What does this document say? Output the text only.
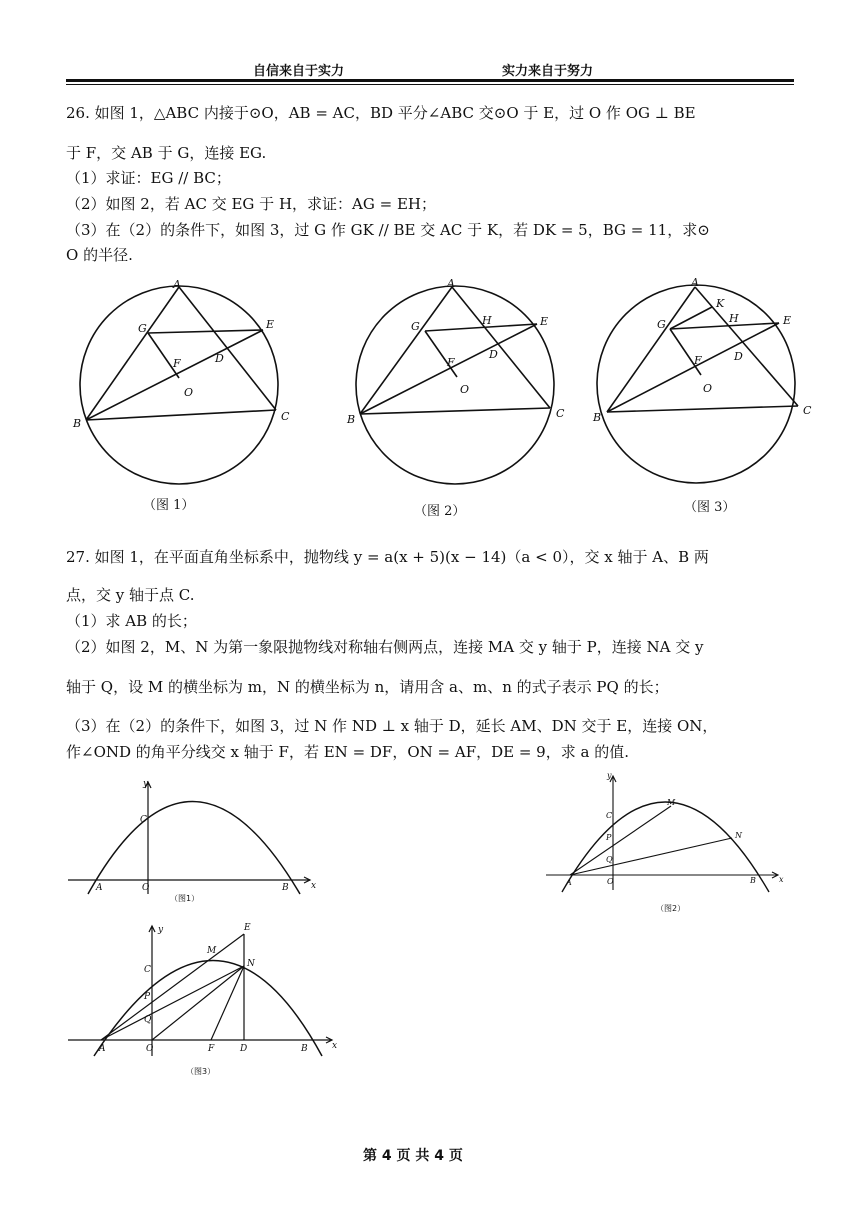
自信来自于实力	实力来自于努力
26. 如图 1，△ABC 内接于⊙O，AB = AC，BD 平分∠ABC 交⊙O 于 E，过 O 作 OG ⊥ BE
于 F，交 AB 于 G，连接 EG.
（1）求证：EG // BC；
（2）如图 2，若 AC 交 EG 于 H，求证：AG = EH；
（3）在（2）的条件下，如图 3，过 G 作 GK // BE 交 AC 于 K，若 DK = 5，BG = 11，求⊙
O 的半径.
A
G	E
F	D
O
B
C
A
G	H	E
F
D
O
B	C
A
K
G	H	E
F	D
O
B
C
（图 1）	（图 2）	（图 3）
27. 如图 1，在平面直角坐标系中，抛物线 y = a(x + 5)(x − 14)（a < 0），交 x 轴于 A、B 两
点，交 y 轴于点 C.
（1）求 AB 的长；
（2）如图 2，M、N 为第一象限抛物线对称轴右侧两点，连接 MA 交 y 轴于 P，连接 NA 交 y
轴于 Q，设 M 的横坐标为 m，N 的横坐标为 n，请用含 a、m、n 的式子表示 PQ 的长；
（3）在（2）的条件下，如图 3，过 N 作 ND ⊥ x 轴于 D，延长 AM、DN 交于 E，连接 ON，
作∠OND 的角平分线交 x 轴于 F，若 EN = DF，ON = AF，DE = 9，求 a 的值.
y
x
C
A	O	B
（图1）
y
x
C
M
P	N
Q
A	O	B
（图2）
y
x
E
M
N
C
P
Q
A	O	F	D	B
（图3）
第 4 页 共 4 页
